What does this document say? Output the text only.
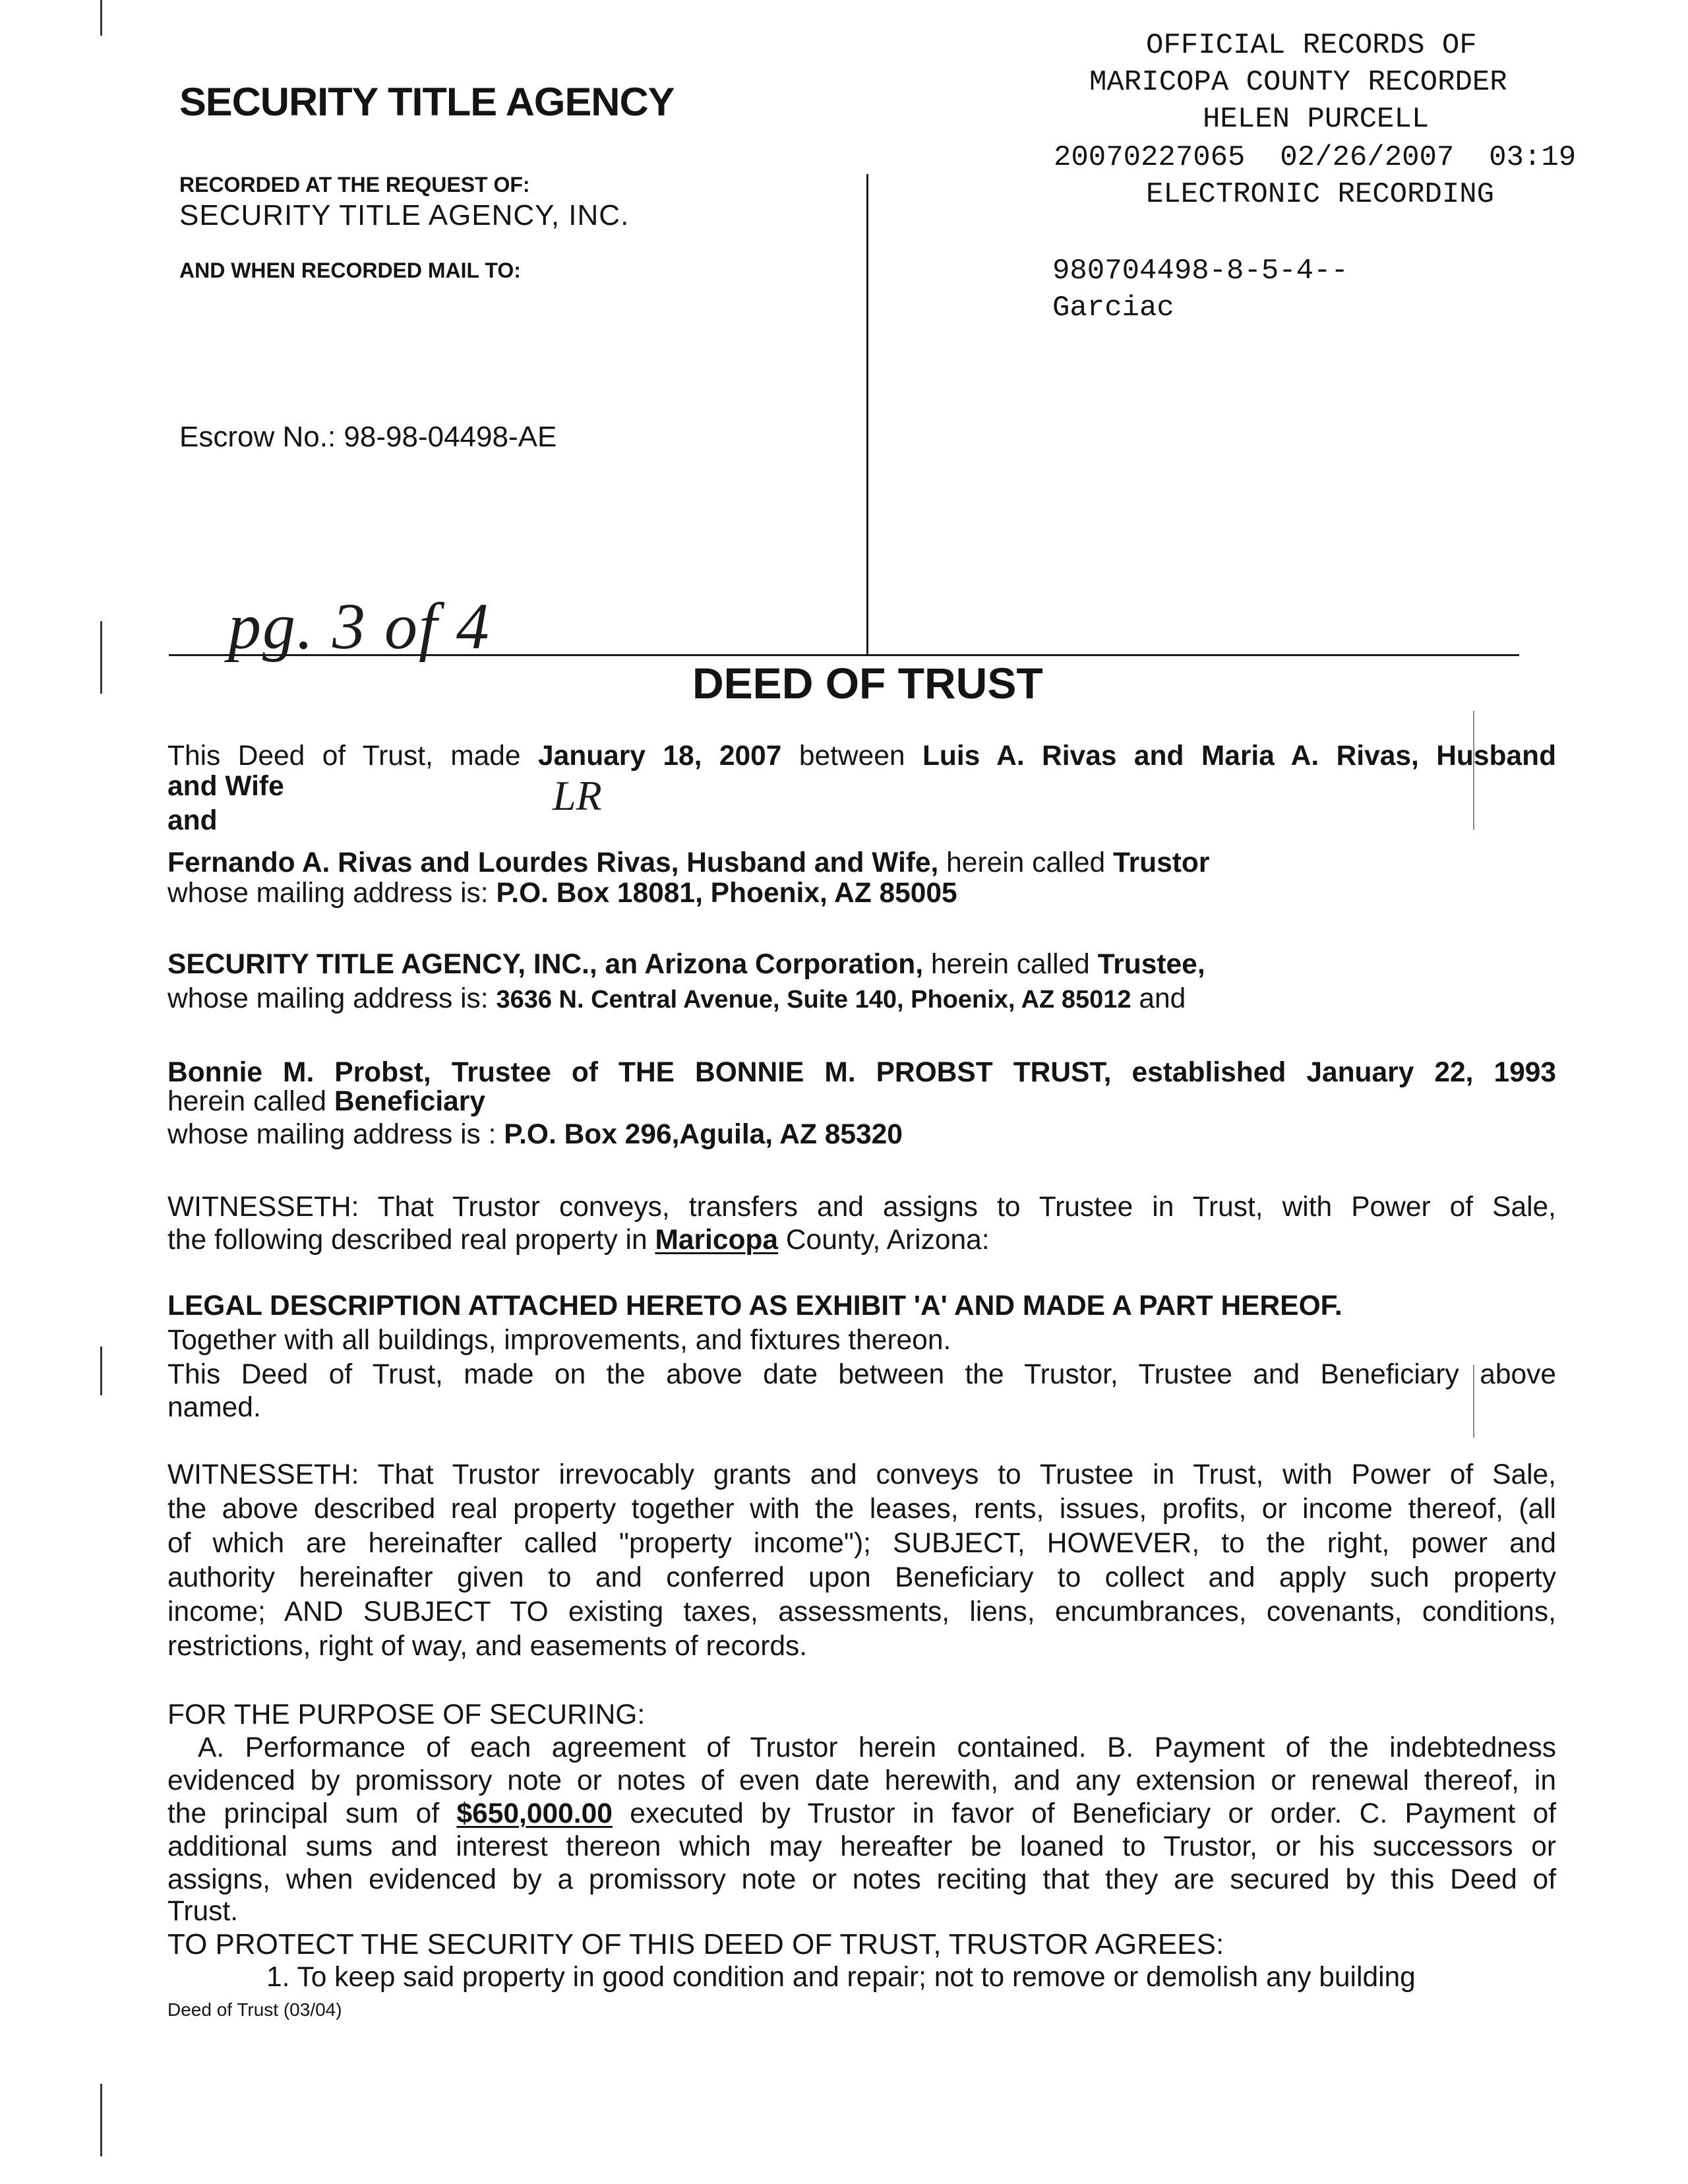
SECURITY TITLE AGENCY
RECORDED AT THE REQUEST OF:
SECURITY TITLE AGENCY, INC.
AND WHEN RECORDED MAIL TO:
Escrow No.: 98-98-04498-AE
OFFICIAL RECORDS OF
MARICOPA COUNTY RECORDER
HELEN PURCELL
20070227065 02/26/2007 03:19
ELECTRONIC RECORDING
980704498-8-5-4--
Garciac
pg. 3 of 4
LR
DEED OF TRUST
This Deed of Trust, made January 18, 2007 between Luis A. Rivas and Maria A. Rivas, Husband
and Wife
and
Fernando A. Rivas and Lourdes Rivas, Husband and Wife, herein called Trustor
whose mailing address is: P.O. Box 18081, Phoenix, AZ 85005
SECURITY TITLE AGENCY, INC., an Arizona Corporation, herein called Trustee,
whose mailing address is: 3636 N. Central Avenue, Suite 140, Phoenix, AZ 85012 and
Bonnie M. Probst, Trustee of THE BONNIE M. PROBST TRUST, established January 22, 1993
herein called Beneficiary
whose mailing address is : P.O. Box 296,Aguila, AZ 85320
WITNESSETH: That Trustor conveys, transfers and assigns to Trustee in Trust, with Power of Sale,
the following described real property in Maricopa County, Arizona:
LEGAL DESCRIPTION ATTACHED HERETO AS EXHIBIT 'A' AND MADE A PART HEREOF.
Together with all buildings, improvements, and fixtures thereon.
This Deed of Trust, made on the above date between the Trustor, Trustee and Beneficiary above
named.
WITNESSETH: That Trustor irrevocably grants and conveys to Trustee in Trust, with Power of Sale,
the above described real property together with the leases, rents, issues, profits, or income thereof, (all
of which are hereinafter called "property income"); SUBJECT, HOWEVER, to the right, power and
authority hereinafter given to and conferred upon Beneficiary to collect and apply such property
income; AND SUBJECT TO existing taxes, assessments, liens, encumbrances, covenants, conditions,
restrictions, right of way, and easements of records.
FOR THE PURPOSE OF SECURING:
A. Performance of each agreement of Trustor herein contained. B. Payment of the indebtedness
evidenced by promissory note or notes of even date herewith, and any extension or renewal thereof, in
the principal sum of $650,000.00 executed by Trustor in favor of Beneficiary or order. C. Payment of
additional sums and interest thereon which may hereafter be loaned to Trustor, or his successors or
assigns, when evidenced by a promissory note or notes reciting that they are secured by this Deed of
Trust.
TO PROTECT THE SECURITY OF THIS DEED OF TRUST, TRUSTOR AGREES:
1. To keep said property in good condition and repair; not to remove or demolish any building
Deed of Trust (03/04)
